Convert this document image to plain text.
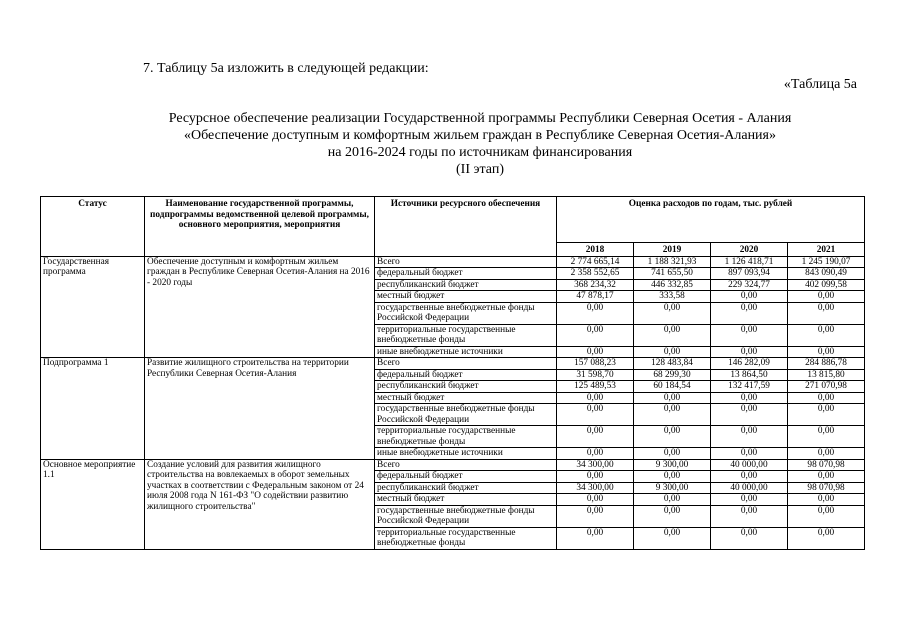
7. Таблицу 5а изложить в следующей редакции:
«Таблица 5а
Ресурсное обеспечение реализации Государственной программы Республики Северная Осетия - Алания
«Обеспечение доступным и комфортным жильем граждан в Республике Северная Осетия-Алания»
на 2016-2024 годы по источникам финансирования
(II этап)
Статус	Наименование государственной программы, подпрограммы ведомственной целевой программы, основного мероприятия, мероприятия	Источники ресурсного обеспечения	Оценка расходов по годам, тыс. рублей			
			2018	2019	2020	2021
Государственная программа	Обеспечение доступным и комфортным жильем граждан в Республике Северная Осетия-Алания на 2016 - 2020 годы	Всего	2 774 665,14	1 188 321,93	1 126 418,71	1 245 190,07
		федеральный бюджет	2 358 552,65	741 655,50	897 093,94	843 090,49
		республиканский бюджет	368 234,32	446 332,85	229 324,77	402 099,58
		местный бюджет	47 878,17	333,58	0,00	0,00
		государственные внебюджетные фонды Российской Федерации	0,00	0,00	0,00	0,00
		территориальные государственные внебюджетные фонды	0,00	0,00	0,00	0,00
		иные внебюджетные источники	0,00	0,00	0,00	0,00
Подпрограмма 1	Развитие жилищного строительства на территории Республики Северная Осетия-Алания	Всего	157 088,23	128 483,84	146 282,09	284 886,78
		федеральный бюджет	31 598,70	68 299,30	13 864,50	13 815,80
		республиканский бюджет	125 489,53	60 184,54	132 417,59	271 070,98
		местный бюджет	0,00	0,00	0,00	0,00
		государственные внебюджетные фонды Российской Федерации	0,00	0,00	0,00	0,00
		территориальные государственные внебюджетные фонды	0,00	0,00	0,00	0,00
		иные внебюджетные источники	0,00	0,00	0,00	0,00
Основное мероприятие 1.1	Создание условий для развития жилищного строительства на вовлекаемых в оборот земельных участках в соответствии с Федеральным законом от 24 июля 2008 года N 161-ФЗ "О содействии развитию жилищного строительства"	Всего	34 300,00	9 300,00	40 000,00	98 070,98
		федеральный бюджет	0,00	0,00	0,00	0,00
		республиканский бюджет	34 300,00	9 300,00	40 000,00	98 070,98
		местный бюджет	0,00	0,00	0,00	0,00
		государственные внебюджетные фонды Российской Федерации	0,00	0,00	0,00	0,00
		территориальные государственные внебюджетные фонды	0,00	0,00	0,00	0,00
